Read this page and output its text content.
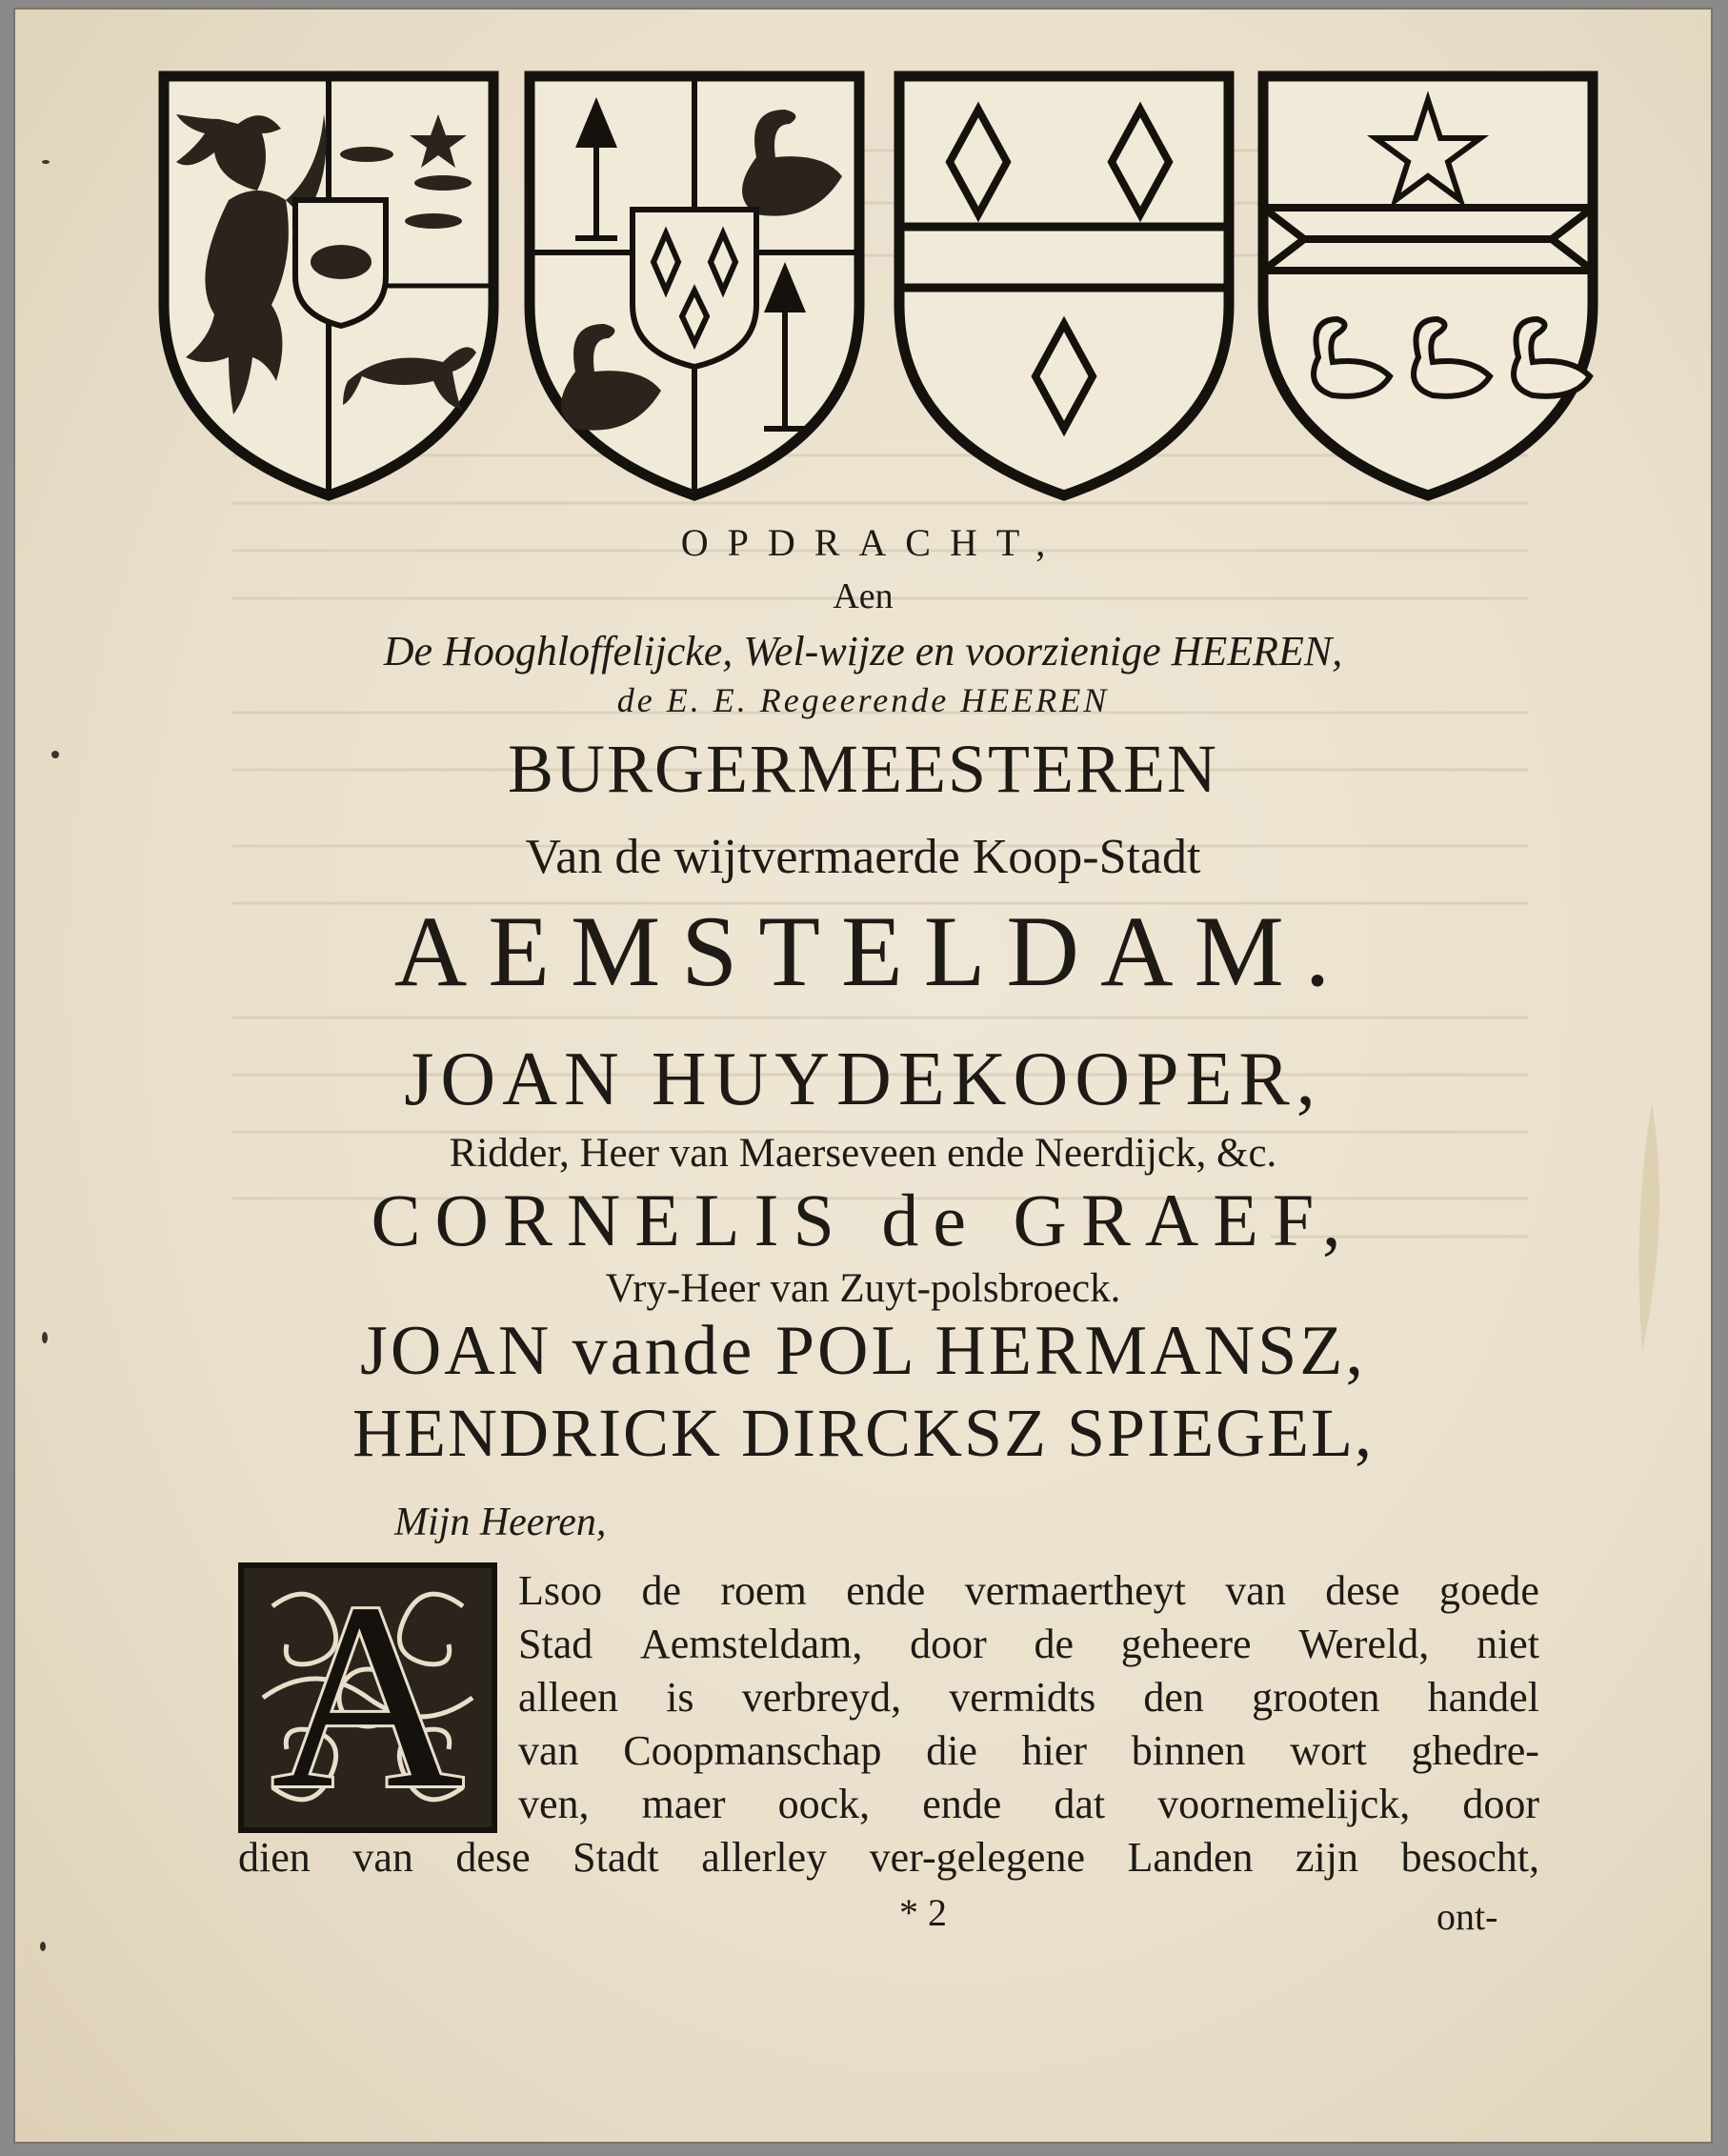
OPDRACHT,
Aen
De Hooghloffelijcke, Wel-wijze en voorzienige HEEREN,
de E. E. Regeerende HEEREN
BURGERMEESTEREN
Van de wijtvermaerde Koop-Stadt
AEMSTELDAM.
JOAN HUYDEKOOPER,
Ridder, Heer van Maerseveen ende Neerdijck, &c.
CORNELIS de GRAEF,
Vry-Heer van Zuyt-polsbroeck.
JOAN vande POL HERMANSZ,
HENDRICK DIRCKSZ SPIEGEL,
Mijn Heeren,
A	Lsoo de roem ende vermaertheyt van dese goede
Stad Aemsteldam, door de geheere Wereld, niet
alleen is verbreyd, vermidts den grooten handel
van Coopmanschap die hier binnen wort ghedre-
ven, maer oock, ende dat voornemelijck, door
dien van dese Stadt allerley ver-gelegene Landen zijn besocht,
* 2	ont-
